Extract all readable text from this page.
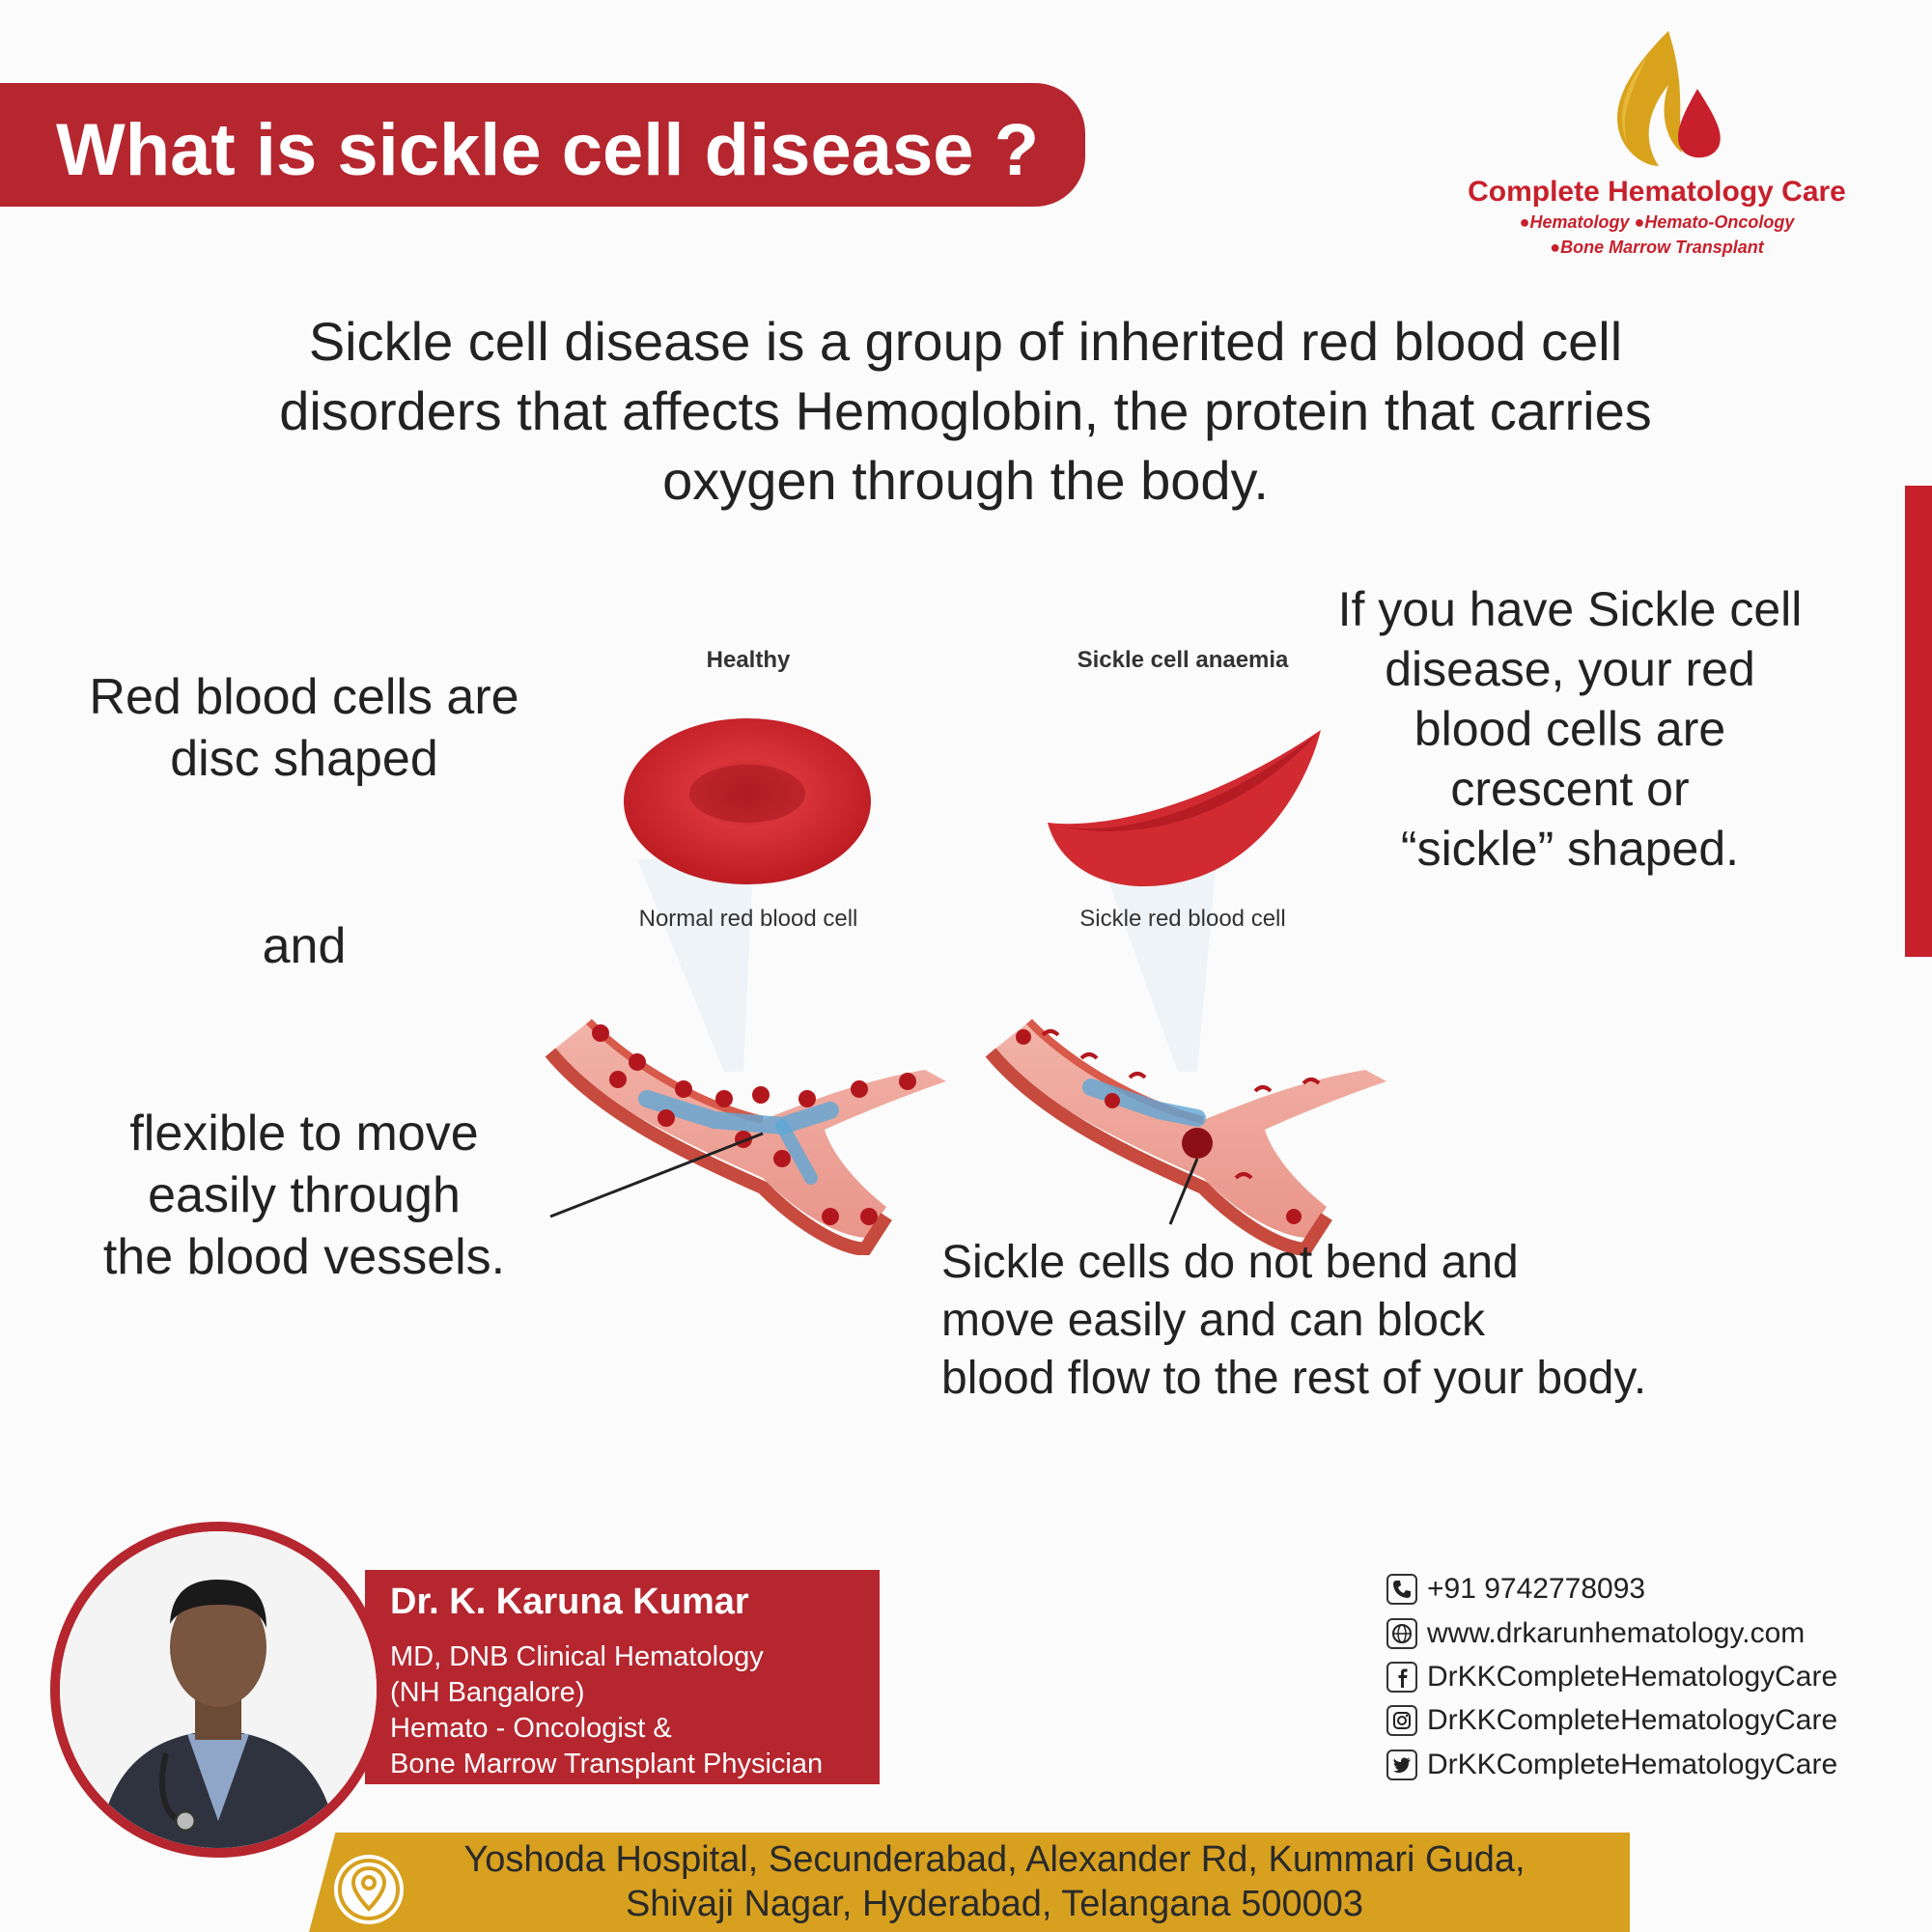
What is sickle cell disease ?
Complete Hematology Care
●Hematology ●Hemato-Oncology
●Bone Marrow Transplant
Sickle cell disease is a group of inherited red blood cell disorders that affects Hemoglobin, the protein that carries oxygen through the body.
Red blood cells are
disc shaped
and
flexible to move
easily through
the blood vessels.
Healthy	Sickle cell anaemia
Normal red blood cell	Sickle red blood cell
If you have Sickle cell
disease, your red
blood cells are
crescent or
“sickle” shaped.
Sickle cells do not bend and
move easily and can block
blood flow to the rest of your body.
Dr. K. Karuna Kumar
MD, DNB Clinical Hematology
(NH Bangalore)
Hemato - Oncologist &
Bone Marrow Transplant Physician
+91 9742778093
www.drkarunhematology.com
DrKKCompleteHematologyCare
DrKKCompleteHematologyCare
DrKKCompleteHematologyCare
Yoshoda Hospital, Secunderabad, Alexander Rd, Kummari Guda,
Shivaji Nagar, Hyderabad, Telangana 500003
